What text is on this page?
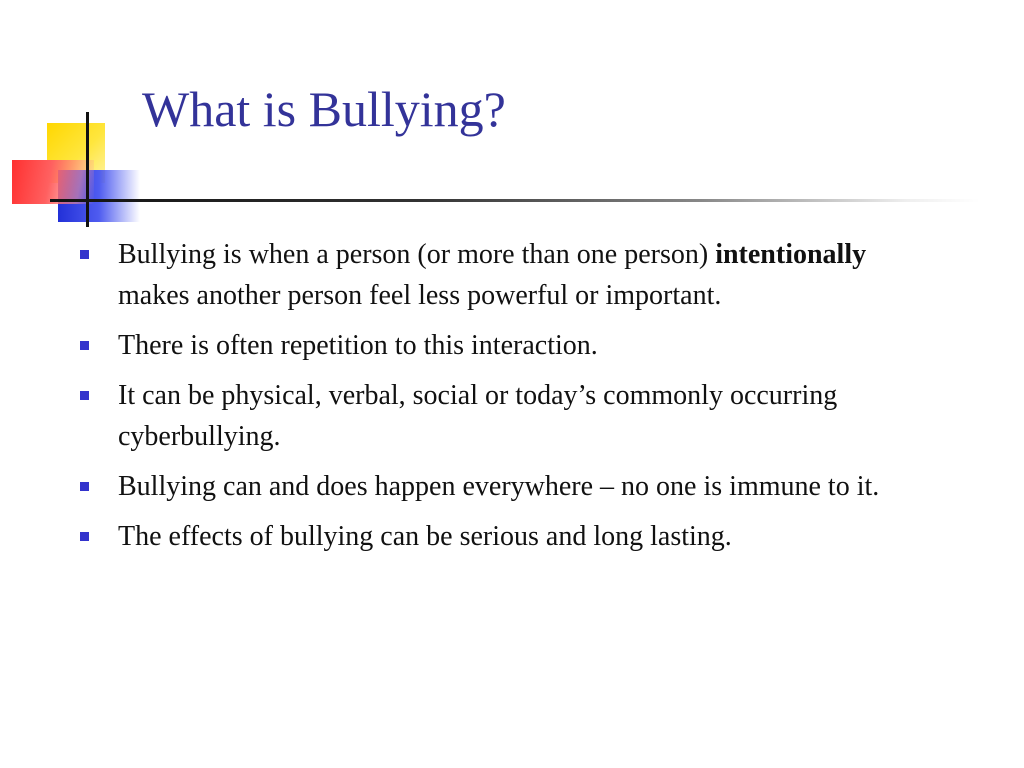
What is Bullying?
Bullying is when a person (or more than one person) intentionally makes another person feel less powerful or important.
There is often repetition to this interaction.
It can be physical, verbal, social or today’s commonly occurring cyberbullying.
Bullying can and does happen everywhere – no one is immune to it.
The effects of bullying can be serious and long lasting.
